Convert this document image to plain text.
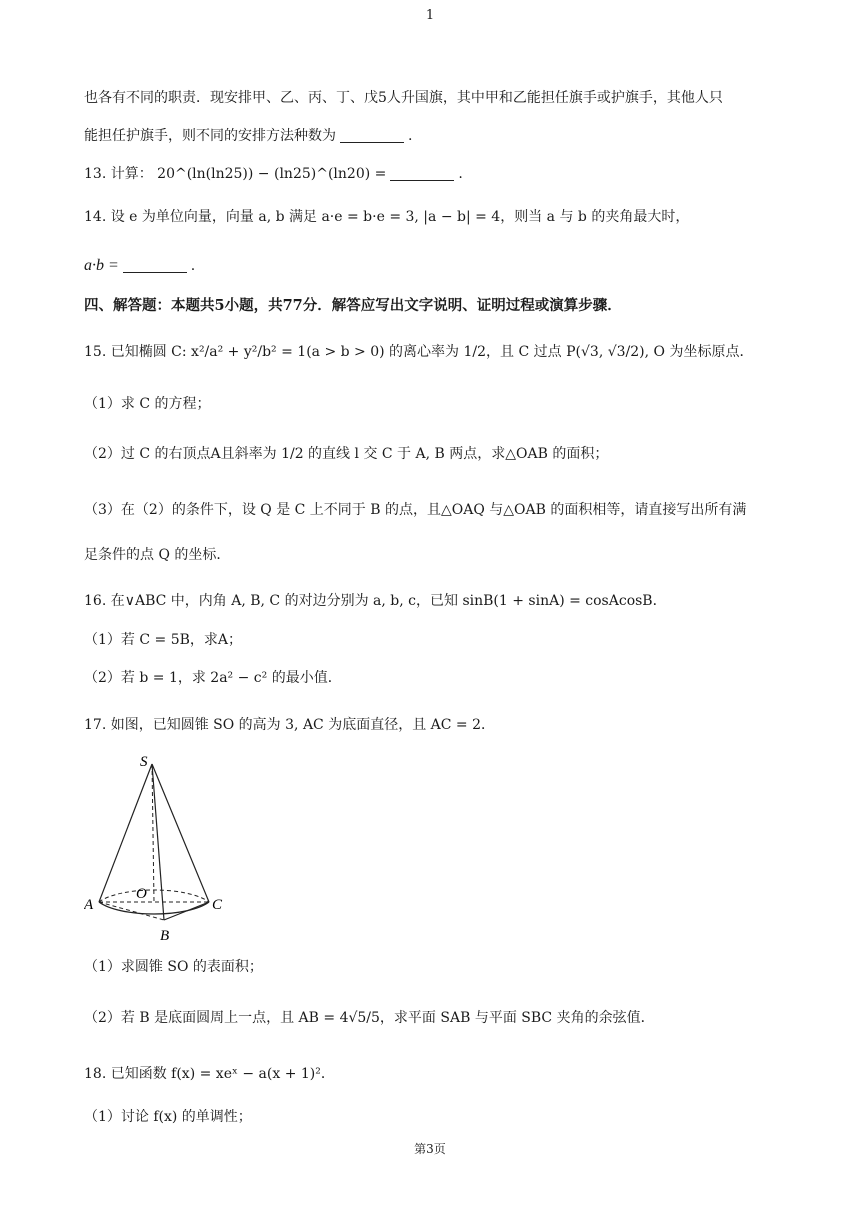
1
也各有不同的职责．现安排甲、乙、丙、丁、戊5人升国旗，其中甲和乙能担任旗手或护旗手，其他人只
能担任护旗手，则不同的安排方法种数为	.
13. 计算： 20^(ln(ln25)) − (ln25)^(ln20) =	.
14. 设 e 为单位向量，向量 a, b 满足 a·e = b·e = 3, |a − b| = 4，则当 a 与 b 的夹角最大时，
a·b =	.
四、解答题：本题共5小题，共77分．解答应写出文字说明、证明过程或演算步骤．
15. 已知椭圆 C: x²/a² + y²/b² = 1(a > b > 0) 的离心率为 1/2，且 C 过点 P(√3, √3/2), O 为坐标原点．
（1）求 C 的方程；
（2）过 C 的右顶点A且斜率为 1/2 的直线 l 交 C 于 A, B 两点，求△OAB 的面积；
（3）在（2）的条件下，设 Q 是 C 上不同于 B 的点，且△OAQ 与△OAB 的面积相等，请直接写出所有满
足条件的点 Q 的坐标．
16. 在∨ABC 中，内角 A, B, C 的对边分别为 a, b, c，已知 sinB(1 + sinA) = cosAcosB．
（1）若 C = 5B，求A；
（2）若 b = 1，求 2a² − c² 的最小值．
17. 如图，已知圆锥 SO 的高为 3, AC 为底面直径，且 AC = 2．
S
O
A	C
B
（1）求圆锥 SO 的表面积；
（2）若 B 是底面圆周上一点，且 AB = 4√5/5，求平面 SAB 与平面 SBC 夹角的余弦值．
18. 已知函数 f(x) = xeˣ − a(x + 1)²．
（1）讨论 f(x) 的单调性；
第3页
